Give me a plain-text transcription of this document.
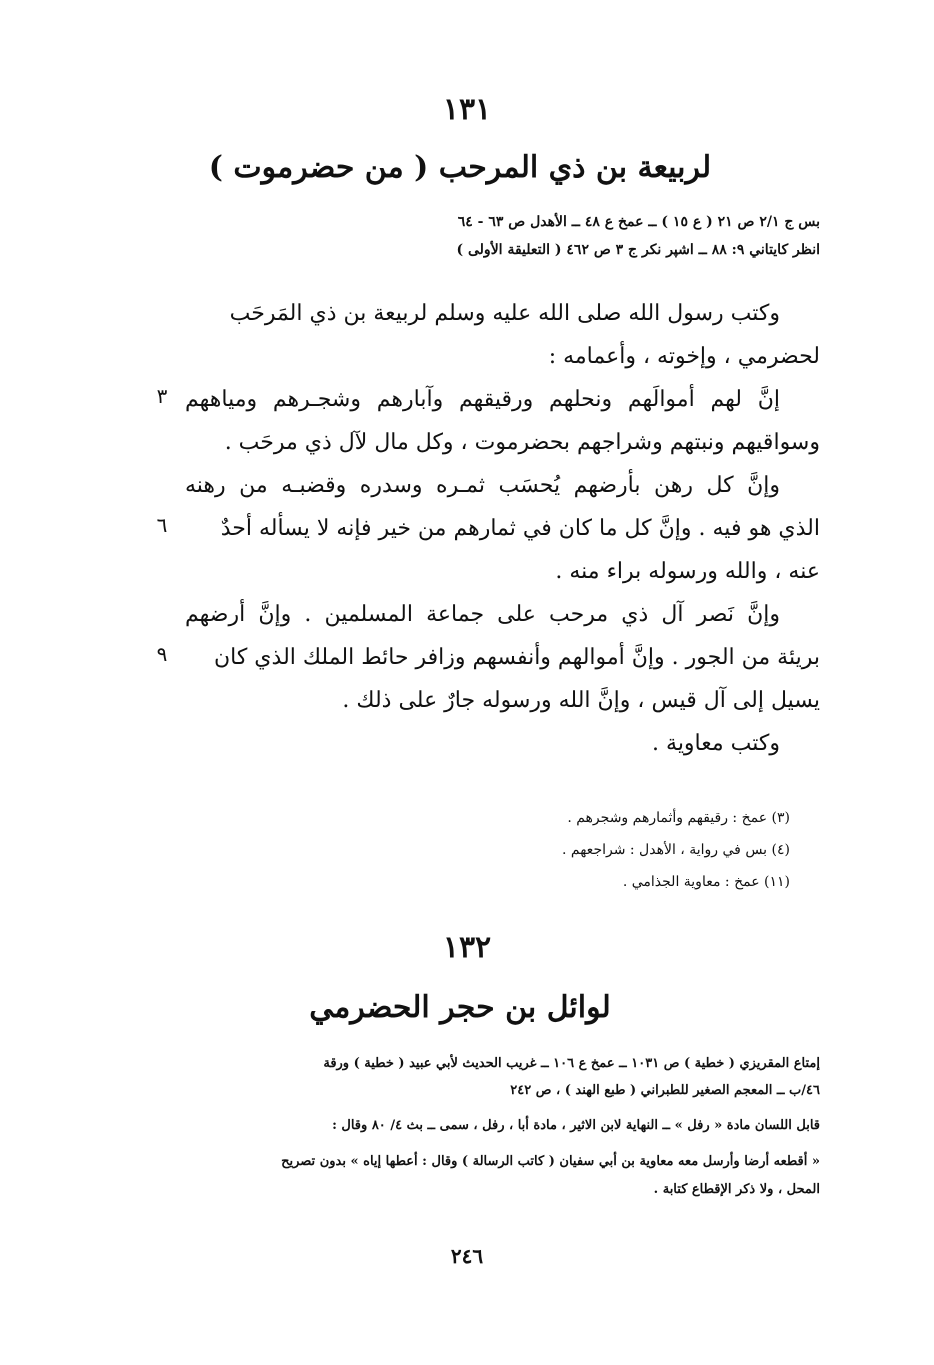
١٣١
لربيعة بن ذي المرحب ( من حضرموت )
بس ج ٢/١ ص ٢١ ( ع ١٥ ) ــ عمخ ع ٤٨ ــ الأهدل ص ٦٣ - ٦٤
انظر كايتاني ٩: ٨٨ ــ اشپر نكر ج ٣ ص ٤٦٢ ( التعليقة الأولى )
وكتب رسول الله صلى الله عليه وسلم لربيعة بن ذي المَرحَب
لحضرمي ، وإخوته ، وأعمامه :
إنَّ لهم أموالَهم ونحلهم ورقيقهم وآبارهم وشجـرهم ومياههم
وسواقيهم ونبتهم وشراجهم بحضرموت ، وكل مال لآل ذي مرحَب .
وإنَّ كل رهن بأرضهم يُحسَب ثمـره وسدره وقضبـه من رهنه
الذي هو فيه . وإنَّ كل ما كان في ثمارهم من خير فإنه لا يسأله أحدٌ
عنه ، والله ورسوله براء منه .
وإنَّ نَصر آل ذي مرحب على جماعة المسلمين . وإنَّ أرضهم
بريئة من الجور . وإنَّ أموالهم وأنفسهم وزافر حائط الملك الذي كان
يسيل إلى آل قيس ، وإنَّ الله ورسوله جارٌ على ذلك .
وكتب معاوية .
٣
٦
٩
(٣) عمخ : رقيقهم وأثمارهم وشجرهم .
(٤) بس في رواية ، الأهدل : شراجعهم .
(١١) عمخ : معاوية الجذامي .
١٣٢
لوائل بن حجر الحضرمي
إمتاع المقريزي ( خطية ) ص ١٠٣١ ــ عمخ ع ١٠٦ ــ غريب الحديث لأبي عبيد ( خطية ) ورقة
٤٦/ب ــ المعجم الصغير للطبراني ( طبع الهند ) ، ص ٢٤٢
قابل اللسان مادة « رفل » ــ النهاية لابن الاثير ، مادة أبا ، رفل ، سمى ــ بث ٤/ ٨٠ وقال :
« أقطعه أرضا وأرسل معه معاوية بن أبي سفيان ( كاتب الرسالة ) وقال : أعطها إياه » بدون تصريح
المحل ، ولا ذكر الإقطاع كتابة .
٢٤٦
